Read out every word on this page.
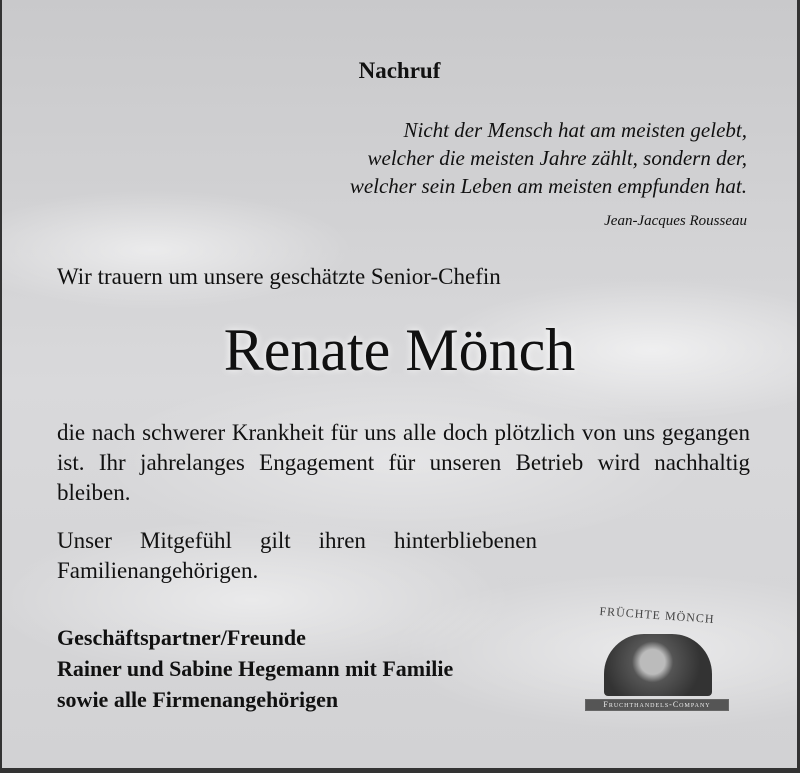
Nachruf
Nicht der Mensch hat am meisten gelebt,
welcher die meisten Jahre zählt, sondern der,
welcher sein Leben am meisten empfunden hat.
Jean-Jacques Rousseau
Wir trauern um unsere geschätzte Senior-Chefin
Renate Mönch
die nach schwerer Krankheit für uns alle doch plötzlich von uns gegangen ist. Ihr jahrelanges Engagement für unseren Betrieb wird nachhaltig bleiben.
Unser Mitgefühl gilt ihren hinterbliebenen Familienangehörigen.
Geschäftspartner/Freunde
Rainer und Sabine Hegemann mit Familie
sowie alle Firmenangehörigen
FRÜCHTE MÖNCH
Fruchthandels-Company
